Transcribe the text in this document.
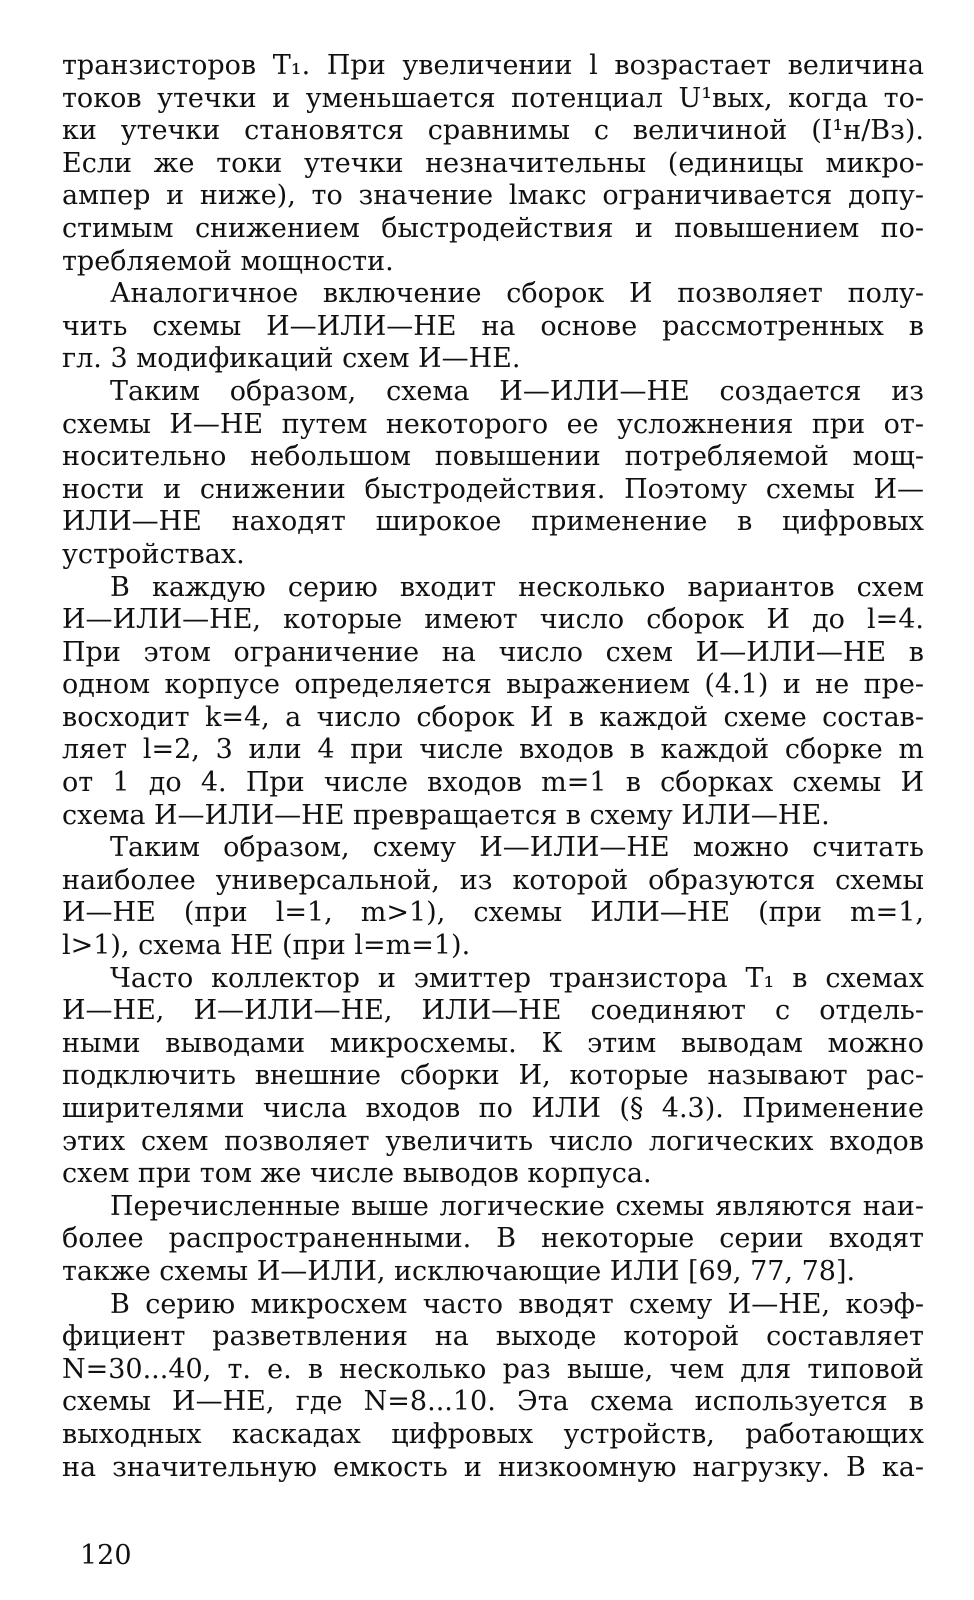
транзисторов T₁. При увеличении l возрастает величина
токов утечки и уменьшается потенциал U¹вых, когда то-
ки утечки становятся сравнимы с величиной (I¹н/Bз).
Если же токи утечки незначительны (единицы микро-
ампер и ниже), то значение lмакс ограничивается допу-
стимым снижением быстродействия и повышением по-
требляемой мощности.
Аналогичное включение сборок И позволяет полу-
чить схемы И—ИЛИ—НЕ на основе рассмотренных в
гл. 3 модификаций схем И—НЕ.
Таким образом, схема И—ИЛИ—НЕ создается из
схемы И—НЕ путем некоторого ее усложнения при от-
носительно небольшом повышении потребляемой мощ-
ности и снижении быстродействия. Поэтому схемы И—
ИЛИ—НЕ находят широкое применение в цифровых
устройствах.
В каждую серию входит несколько вариантов схем
И—ИЛИ—НЕ, которые имеют число сборок И до l=4.
При этом ограничение на число схем И—ИЛИ—НЕ в
одном корпусе определяется выражением (4.1) и не пре-
восходит k=4, а число сборок И в каждой схеме состав-
ляет l=2, 3 или 4 при числе входов в каждой сборке m
от 1 до 4. При числе входов m=1 в сборках схемы И
схема И—ИЛИ—НЕ превращается в схему ИЛИ—НЕ.
Таким образом, схему И—ИЛИ—НЕ можно считать
наиболее универсальной, из которой образуются схемы
И—НЕ (при l=1, m>1), схемы ИЛИ—НЕ (при m=1,
l>1), схема НЕ (при l=m=1).
Часто коллектор и эмиттер транзистора T₁ в схемах
И—НЕ, И—ИЛИ—НЕ, ИЛИ—НЕ соединяют с отдель-
ными выводами микросхемы. К этим выводам можно
подключить внешние сборки И, которые называют рас-
ширителями числа входов по ИЛИ (§ 4.3). Применение
этих схем позволяет увеличить число логических входов
схем при том же числе выводов корпуса.
Перечисленные выше логические схемы являются наи-
более распространенными. В некоторые серии входят
также схемы И—ИЛИ, исключающие ИЛИ [69, 77, 78].
В серию микросхем часто вводят схему И—НЕ, коэф-
фициент разветвления на выходе которой составляет
N=30...40, т. е. в несколько раз выше, чем для типовой
схемы И—НЕ, где N=8...10. Эта схема используется в
выходных каскадах цифровых устройств, работающих
на значительную емкость и низкоомную нагрузку. В ка-
120
